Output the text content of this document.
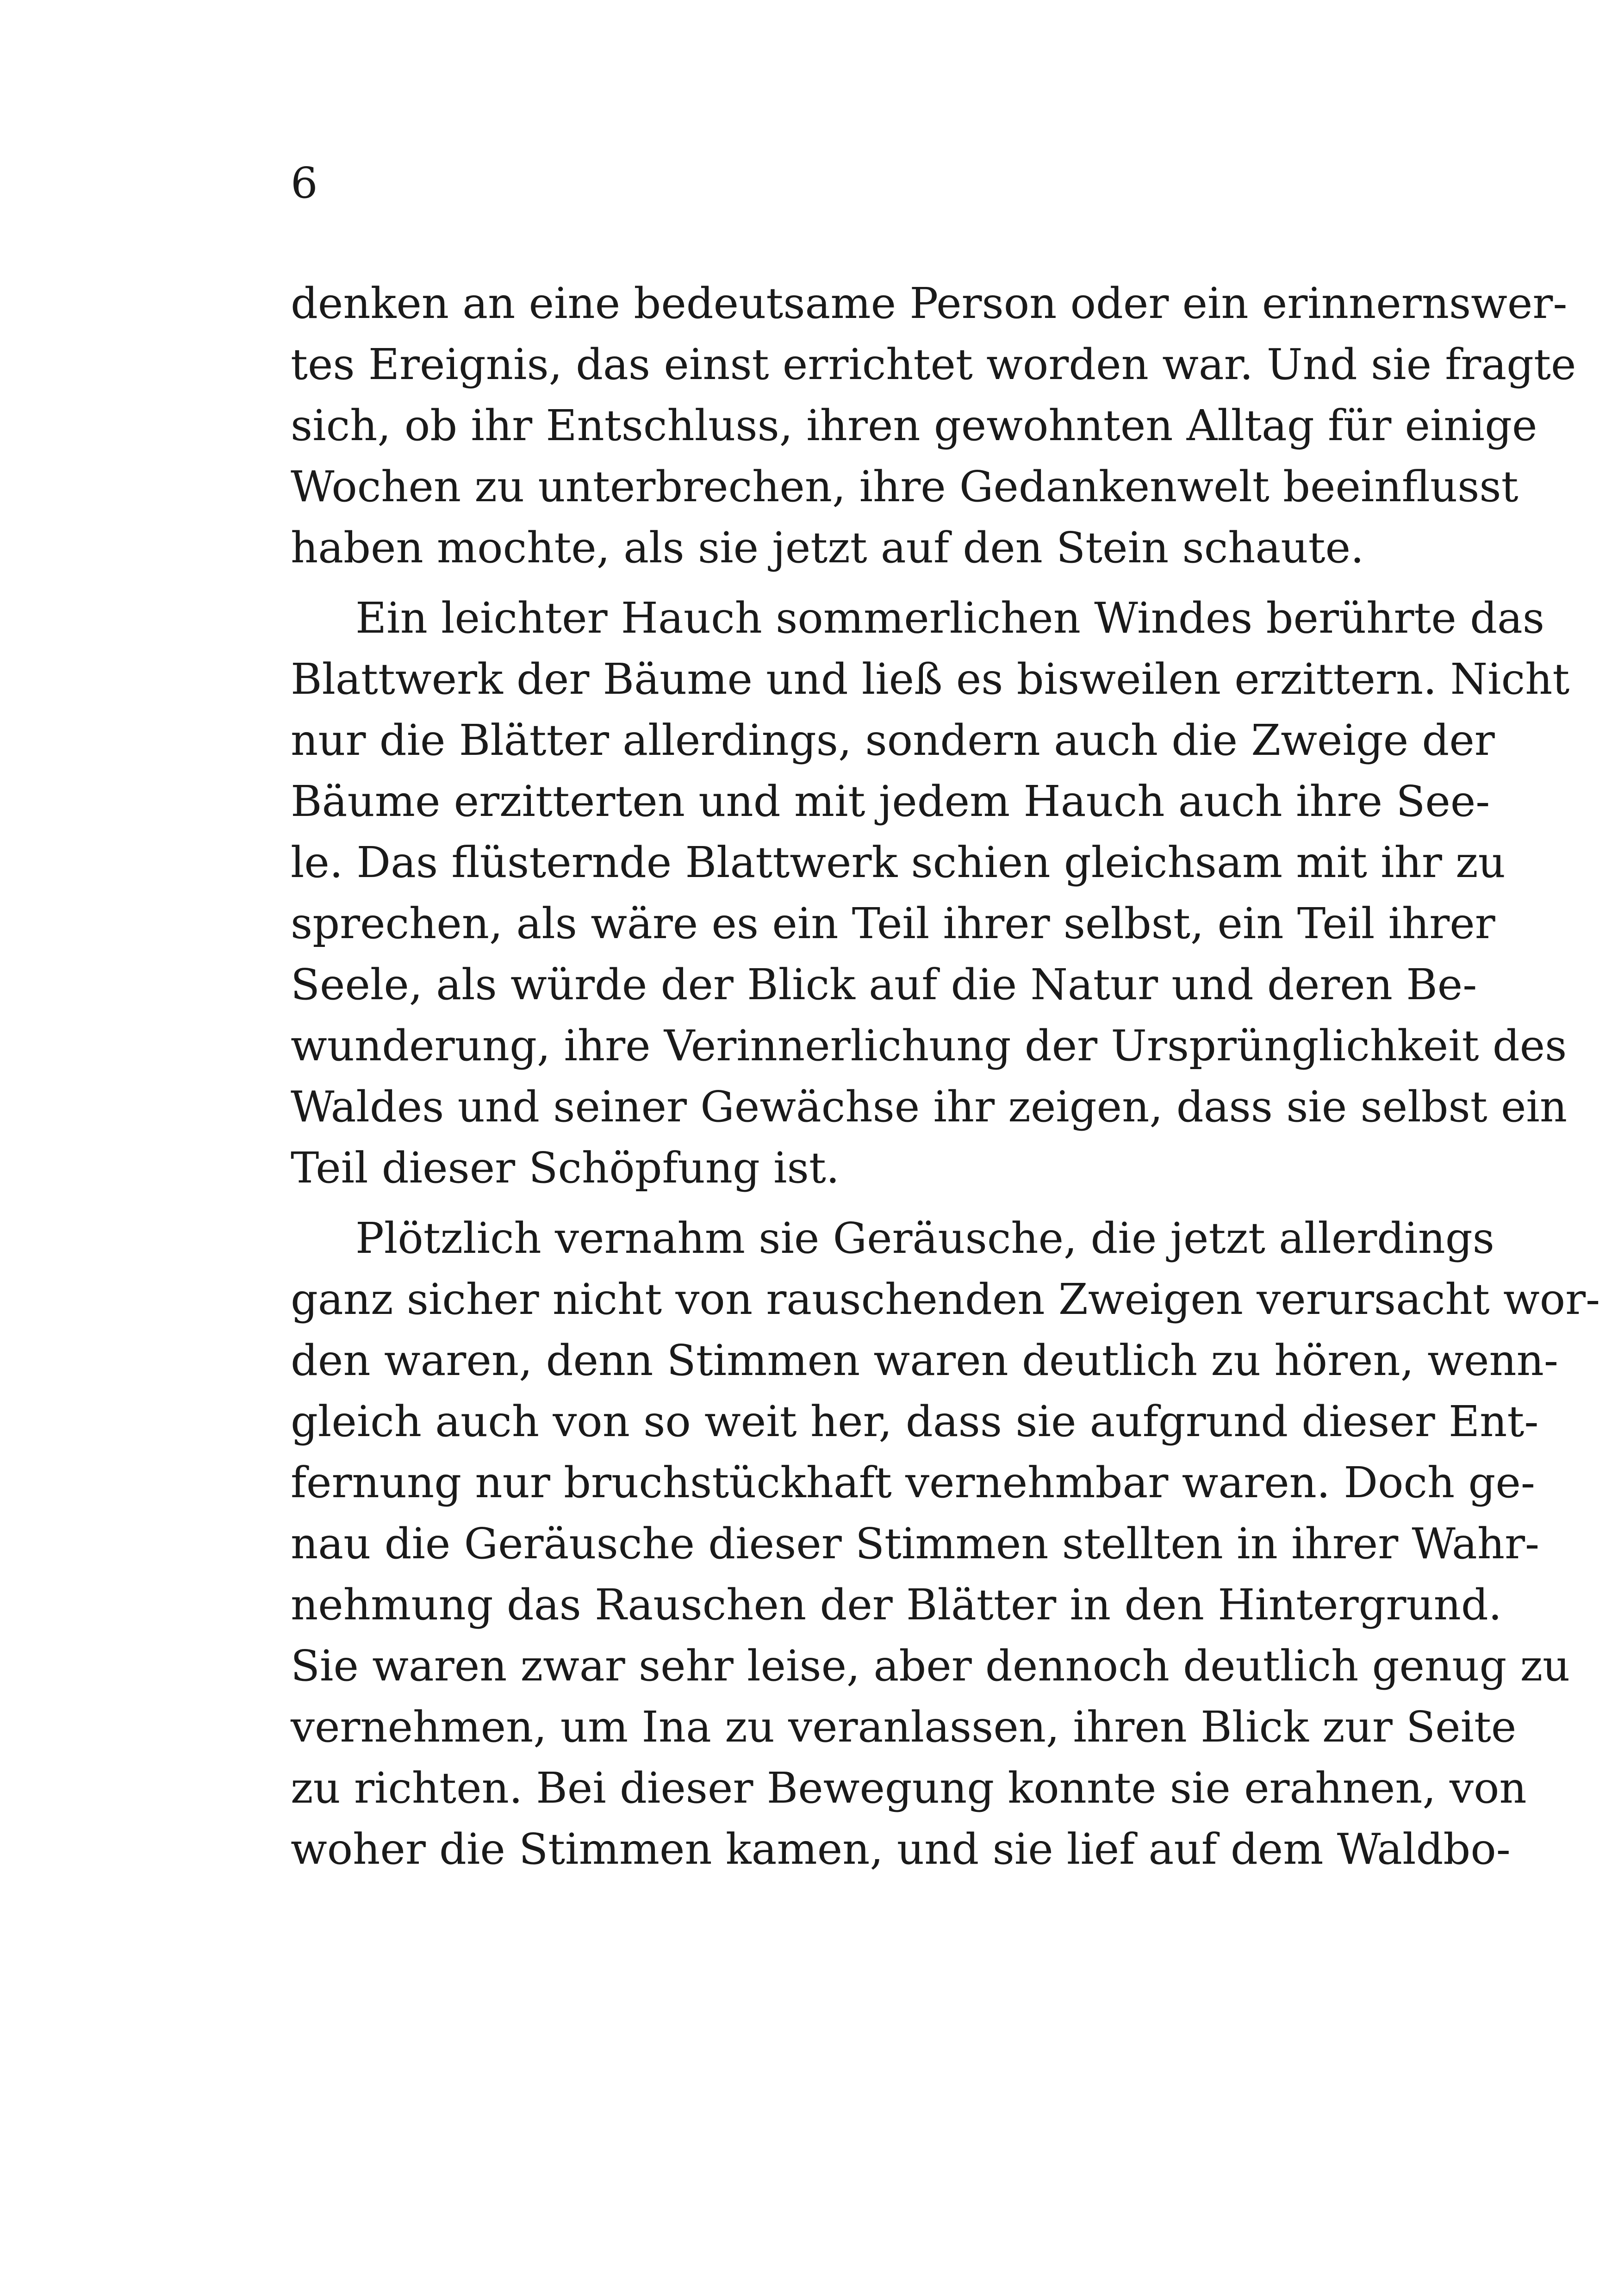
6

denken an eine bedeutsame Person oder ein erinnernswer-
tes Ereignis, das einst errichtet worden war. Und sie fragte
sich, ob ihr Entschluss, ihren gewohnten Alltag für einige
Wochen zu unterbrechen, ihre Gedankenwelt beeinflusst
haben mochte, als sie jetzt auf den Stein schaute.
Ein leichter Hauch sommerlichen Windes berührte das
Blattwerk der Bäume und ließ es bisweilen erzittern. Nicht
nur die Blätter allerdings, sondern auch die Zweige der
Bäume erzitterten und mit jedem Hauch auch ihre See-
le. Das flüsternde Blattwerk schien gleichsam mit ihr zu
sprechen, als wäre es ein Teil ihrer selbst, ein Teil ihrer
Seele, als würde der Blick auf die Natur und deren Be-
wunderung, ihre Verinnerlichung der Ursprünglichkeit des
Waldes und seiner Gewächse ihr zeigen, dass sie selbst ein
Teil dieser Schöpfung ist.
Plötzlich vernahm sie Geräusche, die jetzt allerdings
ganz sicher nicht von rauschenden Zweigen verursacht wor-
den waren, denn Stimmen waren deutlich zu hören, wenn-
gleich auch von so weit her, dass sie aufgrund dieser Ent-
fernung nur bruchstückhaft vernehmbar waren. Doch ge-
nau die Geräusche dieser Stimmen stellten in ihrer Wahr-
nehmung das Rauschen der Blätter in den Hintergrund.
Sie waren zwar sehr leise, aber dennoch deutlich genug zu
vernehmen, um Ina zu veranlassen, ihren Blick zur Seite
zu richten. Bei dieser Bewegung konnte sie erahnen, von
woher die Stimmen kamen, und sie lief auf dem Waldbo-
